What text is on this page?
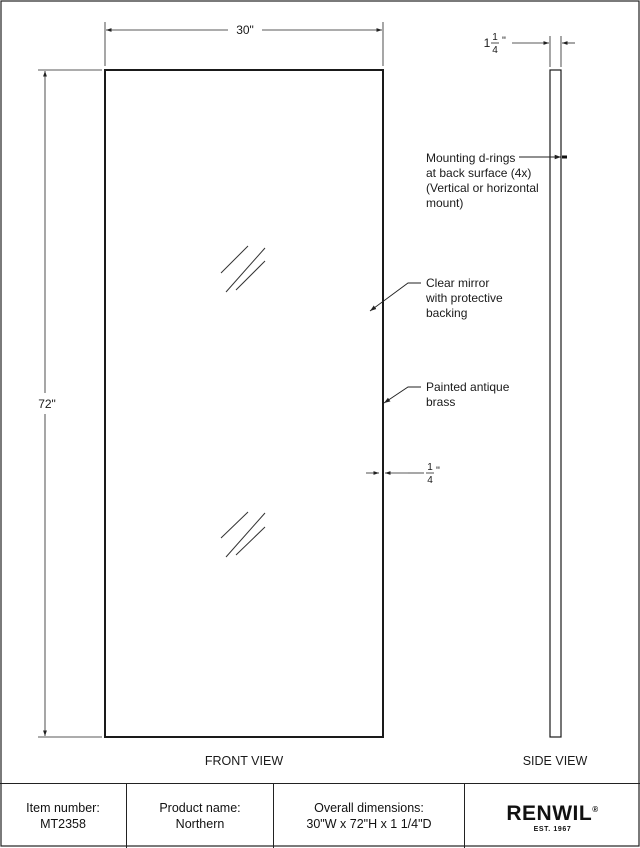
30"
72"
1 1
4
"
1
4
"
Mounting d-rings
at back surface (4x)
(Vertical or horizontal
mount)
Clear mirror
with protective
backing
Painted antique
brass
FRONT VIEW	SIDE VIEW
Item number:
MT2358
Product name:
Northern
Overall dimensions:
30"W x 72"H x 1 1/4"D	RENWIL®
EST. 1967
